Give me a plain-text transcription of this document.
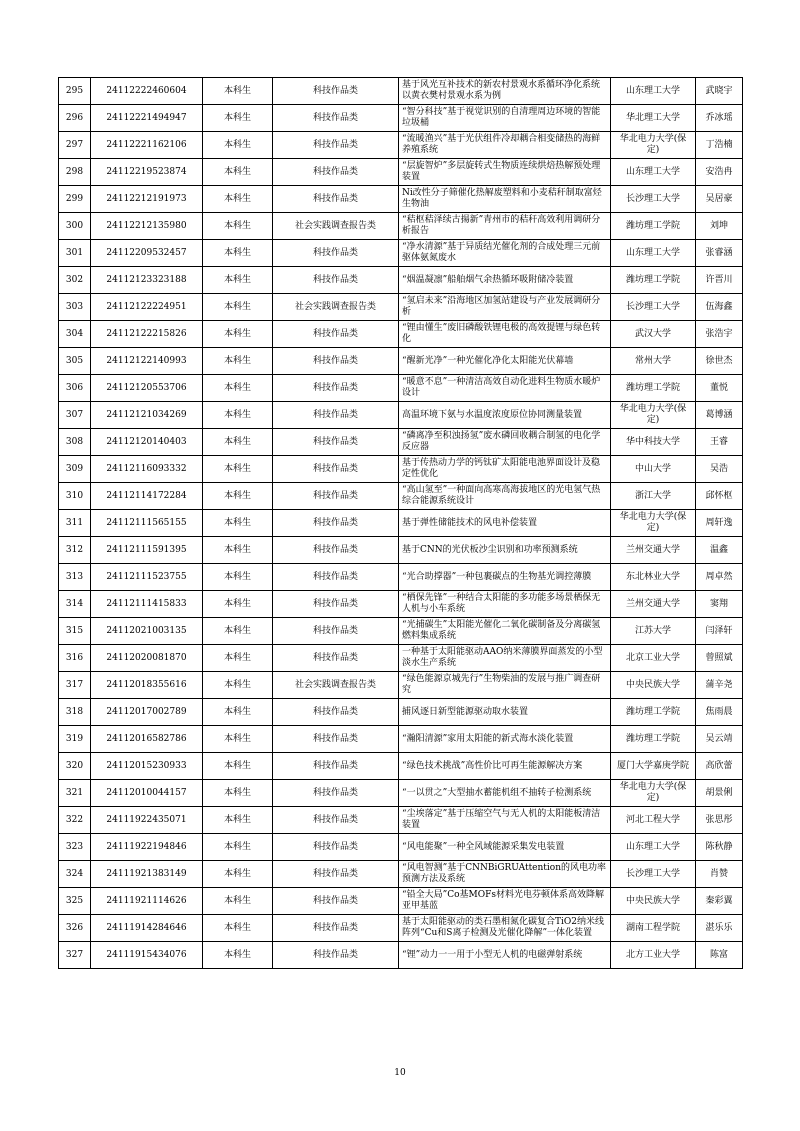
295	24112222460604	本科生	科技作品类	基于风光互补技术的新农村景观水系循环净化系统以黄衣樊村景观水系为例	山东理工大学	武晓宇
296	24112221494947	本科生	科技作品类	“智分科技”基于视觉识别的自清理周边环境的智能垃圾桶	华北理工大学	乔冰瑶
297	24112221162106	本科生	科技作品类	“流暖渔兴”基于光伏组件冷却耦合相变储热的海鲜养殖系统	华北电力大学(保定)	丁浩楠
298	24112219523874	本科生	科技作品类	“层旋智炉”多层旋转式生物质连续烘焙热解预处理装置	山东理工大学	安浩冉
299	24112212191973	本科生	科技作品类	Ni改性分子筛催化热解废塑料和小麦秸秆制取富烃生物油	长沙理工大学	吴居豪
300	24112212135980	本科生	社会实践调查报告类	“秸枢秸泽续古揚新”青州市的秸秆高效利用调研分析报告	潍坊理工学院	刘坤
301	24112209532457	本科生	科技作品类	“净水清源”基于异质结光催化剂的合成处理三元前驱体氨氮废水	山东理工大学	张睿涵
302	24112123323188	本科生	科技作品类	“烟温凝凛”船舶烟气余热循环吸附储冷装置	潍坊理工学院	许晋川
303	24112122224951	本科生	社会实践调查报告类	“氢启未来”沿海地区加氢站建设与产业发展调研分析	长沙理工大学	伍海鑫
304	24112122215826	本科生	科技作品类	“锂由懂生”废旧磷酸铁锂电极的高效提锂与绿色转化	武汉大学	张浩宇
305	24112122140993	本科生	科技作品类	“醒新光净”一种光催化净化太阳能光伏幕墙	常州大学	徐世杰
306	24112120553706	本科生	科技作品类	“暖意不息”一种清洁高效自动化进料生物质水暖炉设计	潍坊理工学院	董悦
307	24112121034269	本科生	科技作品类	高温环境下氨与水温度浓度原位协同测量装置	华北电力大学(保定)	葛博涵
308	24112120140403	本科生	科技作品类	“磷离净至积浊扬氢”废水磷回收耦合制氢的电化学反应器	华中科技大学	王睿
309	24112116093332	本科生	科技作品类	基于传热动力学的钙钛矿太阳能电池界面设计及稳定性优化	中山大学	吴浩
310	24112114172284	本科生	科技作品类	“高山氢至”一种面向高寒高海拔地区的光电氢气热综合能源系统设计	浙江大学	邱怀枢
311	24112111565155	本科生	科技作品类	基于弹性储能技术的风电补偿装置	华北电力大学(保定)	周轩逸
312	24112111591395	本科生	科技作品类	基于CNN的光伏板沙尘识别和功率预测系统	兰州交通大学	温鑫
313	24112111523755	本科生	科技作品类	“光合助撑器”一种包裹碳点的生物基光调控薄膜	东北林业大学	周卓然
314	24112111415833	本科生	科技作品类	“栖保先锋”一种结合太阳能的多功能多场景栖保无人机与小车系统	兰州交通大学	窦翔
315	24112021003135	本科生	科技作品类	“光捕碳生”太阳能光催化二氧化碳制备及分离碳氢燃料集成系统	江苏大学	闫泽轩
316	24112020081870	本科生	科技作品类	一种基于太阳能驱动AAO纳米薄膜界面蒸发的小型淡水生产系统	北京工业大学	曾照斌
317	24112018355616	本科生	社会实践调查报告类	“绿色能源京城先行”生物柴油的发展与推广调查研究	中央民族大学	蒲辛尧
318	24112017002789	本科生	科技作品类	捕风逐日新型能源驱动取水装置	潍坊理工学院	焦雨晨
319	24112016582786	本科生	科技作品类	“瀚阳清源”家用太阳能的新式海水淡化装置	潍坊理工学院	吴云靖
320	24112015230933	本科生	科技作品类	“绿色技术挑战”高性价比可再生能源解决方案	厦门大学嘉庚学院	高欣蕾
321	24112010044157	本科生	科技作品类	“一以贯之”大型抽水蓄能机组不抽转子检测系统	华北电力大学(保定)	胡景俐
322	24111922435071	本科生	科技作品类	“尘埃落定”基于压缩空气与无人机的太阳能板清洁装置	河北工程大学	张思彤
323	24111922194846	本科生	科技作品类	“风电能聚”一种全风域能源采集发电装置	山东理工大学	陈秋静
324	24111921383149	本科生	科技作品类	“风电智测”基于CNNBiGRUAttention的风电功率预测方法及系统	长沙理工大学	肖赞
325	24111921114626	本科生	科技作品类	“铅全大局”Co基MOFs材料光电芬顿体系高效降解亚甲基蓝	中央民族大学	秦彩翼
326	24111914284646	本科生	科技作品类	基于太阳能驱动的类石墨相氮化碳复合TiO2纳米线阵列“Cu和S离子检测及光催化降解”一体化装置	湖南工程学院	湛乐乐
327	24111915434076	本科生	科技作品类	“锂”动力一一用于小型无人机的电磁弹射系统	北方工业大学	陈富
10
